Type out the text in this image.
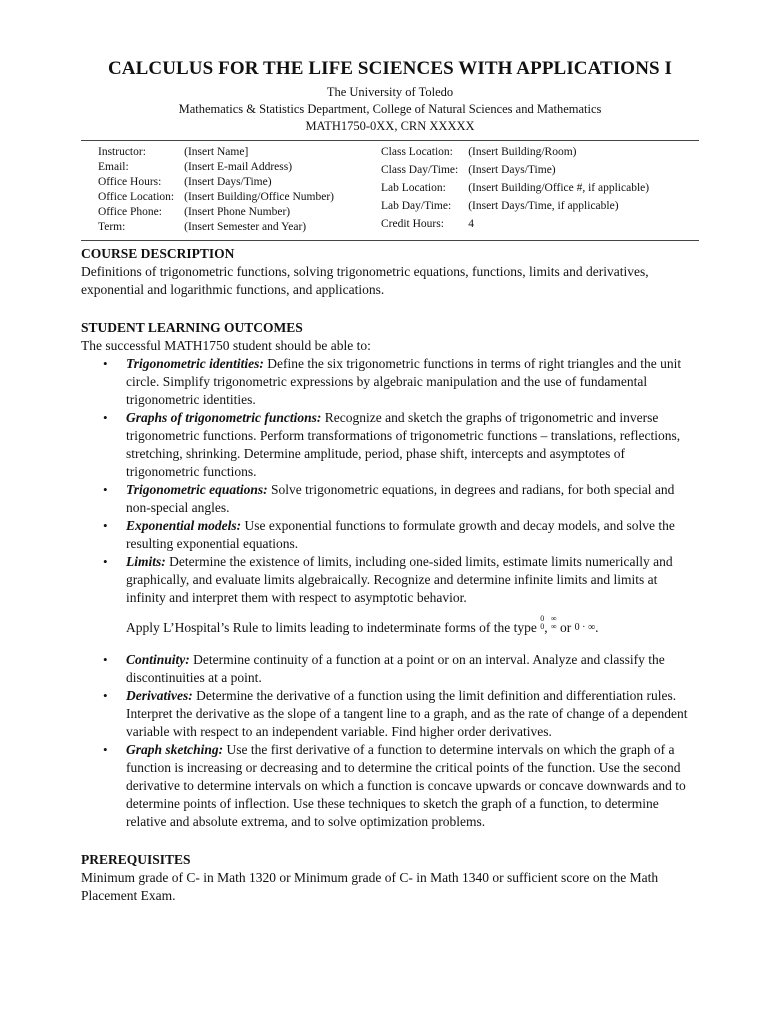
CALCULUS FOR THE LIFE SCIENCES WITH APPLICATIONS I
The University of Toledo
Mathematics & Statistics Department, College of Natural Sciences and Mathematics
MATH1750-0XX, CRN XXXXX
Instructor:	(Insert Name]
Email:	(Insert E-mail Address)
Office Hours:	(Insert Days/Time)
Office Location: (Insert Building/Office Number)
Office Phone:	(Insert Phone Number)
Term:	(Insert Semester and Year)
Class Location:	(Insert Building/Room)
Class Day/Time: (Insert Days/Time)
Lab Location:	(Insert Building/Office #, if applicable)
Lab Day/Time:	(Insert Days/Time, if applicable)
Credit Hours:	4
COURSE DESCRIPTION
Definitions of trigonometric functions, solving trigonometric equations, functions, limits and derivatives, exponential and logarithmic functions, and applications.
STUDENT LEARNING OUTCOMES
The successful MATH1750 student should be able to:
• Trigonometric identities: Define the six trigonometric functions in terms of right triangles and the unit circle. Simplify trigonometric expressions by algebraic manipulation and the use of fundamental trigonometric identities.
• Graphs of trigonometric functions: Recognize and sketch the graphs of trigonometric and inverse trigonometric functions. Perform transformations of trigonometric functions – translations, reflections, stretching, shrinking. Determine amplitude, period, phase shift, intercepts and asymptotes of trigonometric functions.
• Trigonometric equations: Solve trigonometric equations, in degrees and radians, for both special and non-special angles.
• Exponential models: Use exponential functions to formulate growth and decay models, and solve the resulting exponential equations.
• Limits: Determine the existence of limits, including one-sided limits, estimate limits numerically and graphically, and evaluate limits algebraically. Recognize and determine infinite limits and limits at infinity and interpret them with respect to asymptotic behavior.
Apply L’Hospital’s Rule to limits leading to indeterminate forms of the type
0
0 ,
∞
∞ or 0 · ∞.
• Continuity: Determine continuity of a function at a point or on an interval. Analyze and classify the discontinuities at a point.
• Derivatives: Determine the derivative of a function using the limit definition and differentiation rules. Interpret the derivative as the slope of a tangent line to a graph, and as the rate of change of a dependent variable with respect to an independent variable. Find higher order derivatives.
• Graph sketching: Use the first derivative of a function to determine intervals on which the graph of a function is increasing or decreasing and to determine the critical points of the function. Use the second derivative to determine intervals on which a function is concave upwards or concave downwards and to determine points of inflection. Use these techniques to sketch the graph of a function, to determine relative and absolute extrema, and to solve optimization problems.
PREREQUISITES
Minimum grade of C- in Math 1320 or Minimum grade of C- in Math 1340 or sufficient score on the Math Placement Exam.
